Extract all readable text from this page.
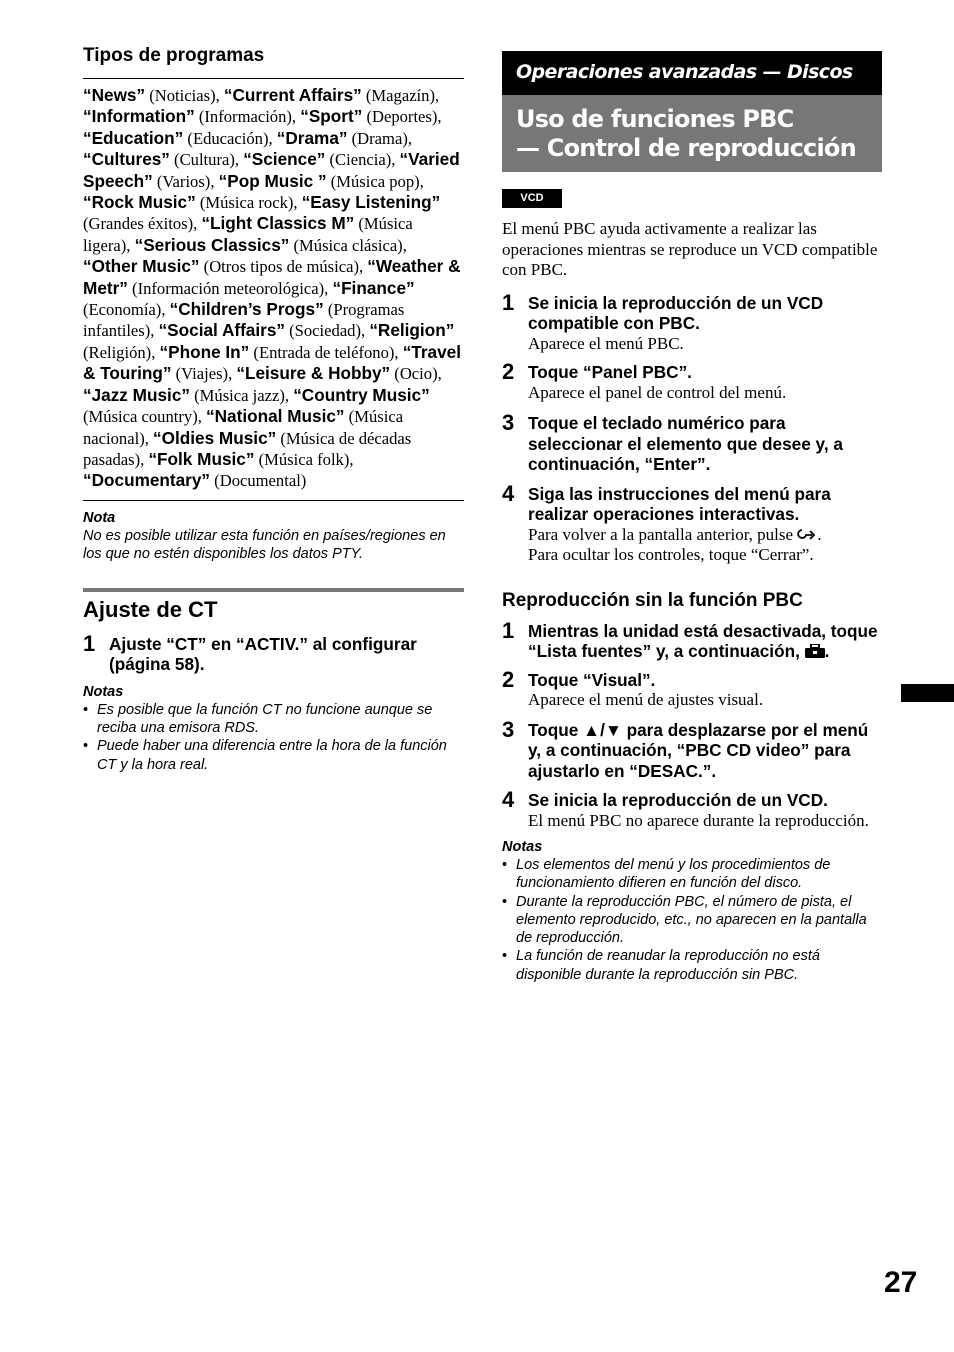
Tipos de programas
“News” (Noticias), “Current Affairs” (Magazín), “Information” (Información), “Sport” (Deportes), “Education” (Educación), “Drama” (Drama), “Cultures” (Cultura), “Science” (Ciencia), “Varied Speech” (Varios), “Pop Music ” (Música pop), “Rock Music” (Música rock), “Easy Listening” (Grandes éxitos), “Light Classics M” (Música ligera), “Serious Classics” (Música clásica), “Other Music” (Otros tipos de música), “Weather & Metr” (Información meteorológica), “Finance” (Economía), “Children’s Progs” (Programas infantiles), “Social Affairs” (Sociedad), “Religion” (Religión), “Phone In” (Entrada de teléfono), “Travel & Touring” (Viajes), “Leisure & Hobby” (Ocio), “Jazz Music” (Música jazz), “Country Music” (Música country), “National Music” (Música nacional), “Oldies Music” (Música de décadas pasadas), “Folk Music” (Música folk), “Documentary” (Documental)

Nota

No es posible utilizar esta función en países/regiones en los que no estén disponibles los datos PTY.

Ajuste de CT
1 Ajuste “CT” en “ACTIV.” al configurar (página 58).

Notas

• Es posible que la función CT no funcione aunque se reciba una emisora RDS.
• Puede haber una diferencia entre la hora de la función CT y la hora real.
Operaciones avanzadas — Discos
Uso de funciones PBC
— Control de reproducción
VCD

El menú PBC ayuda activamente a realizar las operaciones mientras se reproduce un VCD compatible con PBC.

1 Se inicia la reproducción de un VCD compatible con PBC.

Aparece el menú PBC.

2 Toque “Panel PBC”.

Aparece el panel de control del menú.

3 Toque el teclado numérico para seleccionar el elemento que desee y, a continuación, “Enter”.

4 Siga las instrucciones del menú para realizar operaciones interactivas.

Para volver a la pantalla anterior, pulse .
Para ocultar los controles, toque “Cerrar”.

Reproducción sin la función PBC
1 Mientras la unidad está desactivada, toque “Lista fuentes” y, a continuación, .

2 Toque “Visual”.

Aparece el menú de ajustes visual.

3 Toque ▲/▼ para desplazarse por el menú y, a continuación, “PBC CD video” para ajustarlo en “DESAC.”.

4 Se inicia la reproducción de un VCD.

El menú PBC no aparece durante la reproducción.

Notas

• Los elementos del menú y los procedimientos de funcionamiento difieren en función del disco.
• Durante la reproducción PBC, el número de pista, el elemento reproducido, etc., no aparecen en la pantalla de reproducción.
• La función de reanudar la reproducción no está disponible durante la reproducción sin PBC.
27
